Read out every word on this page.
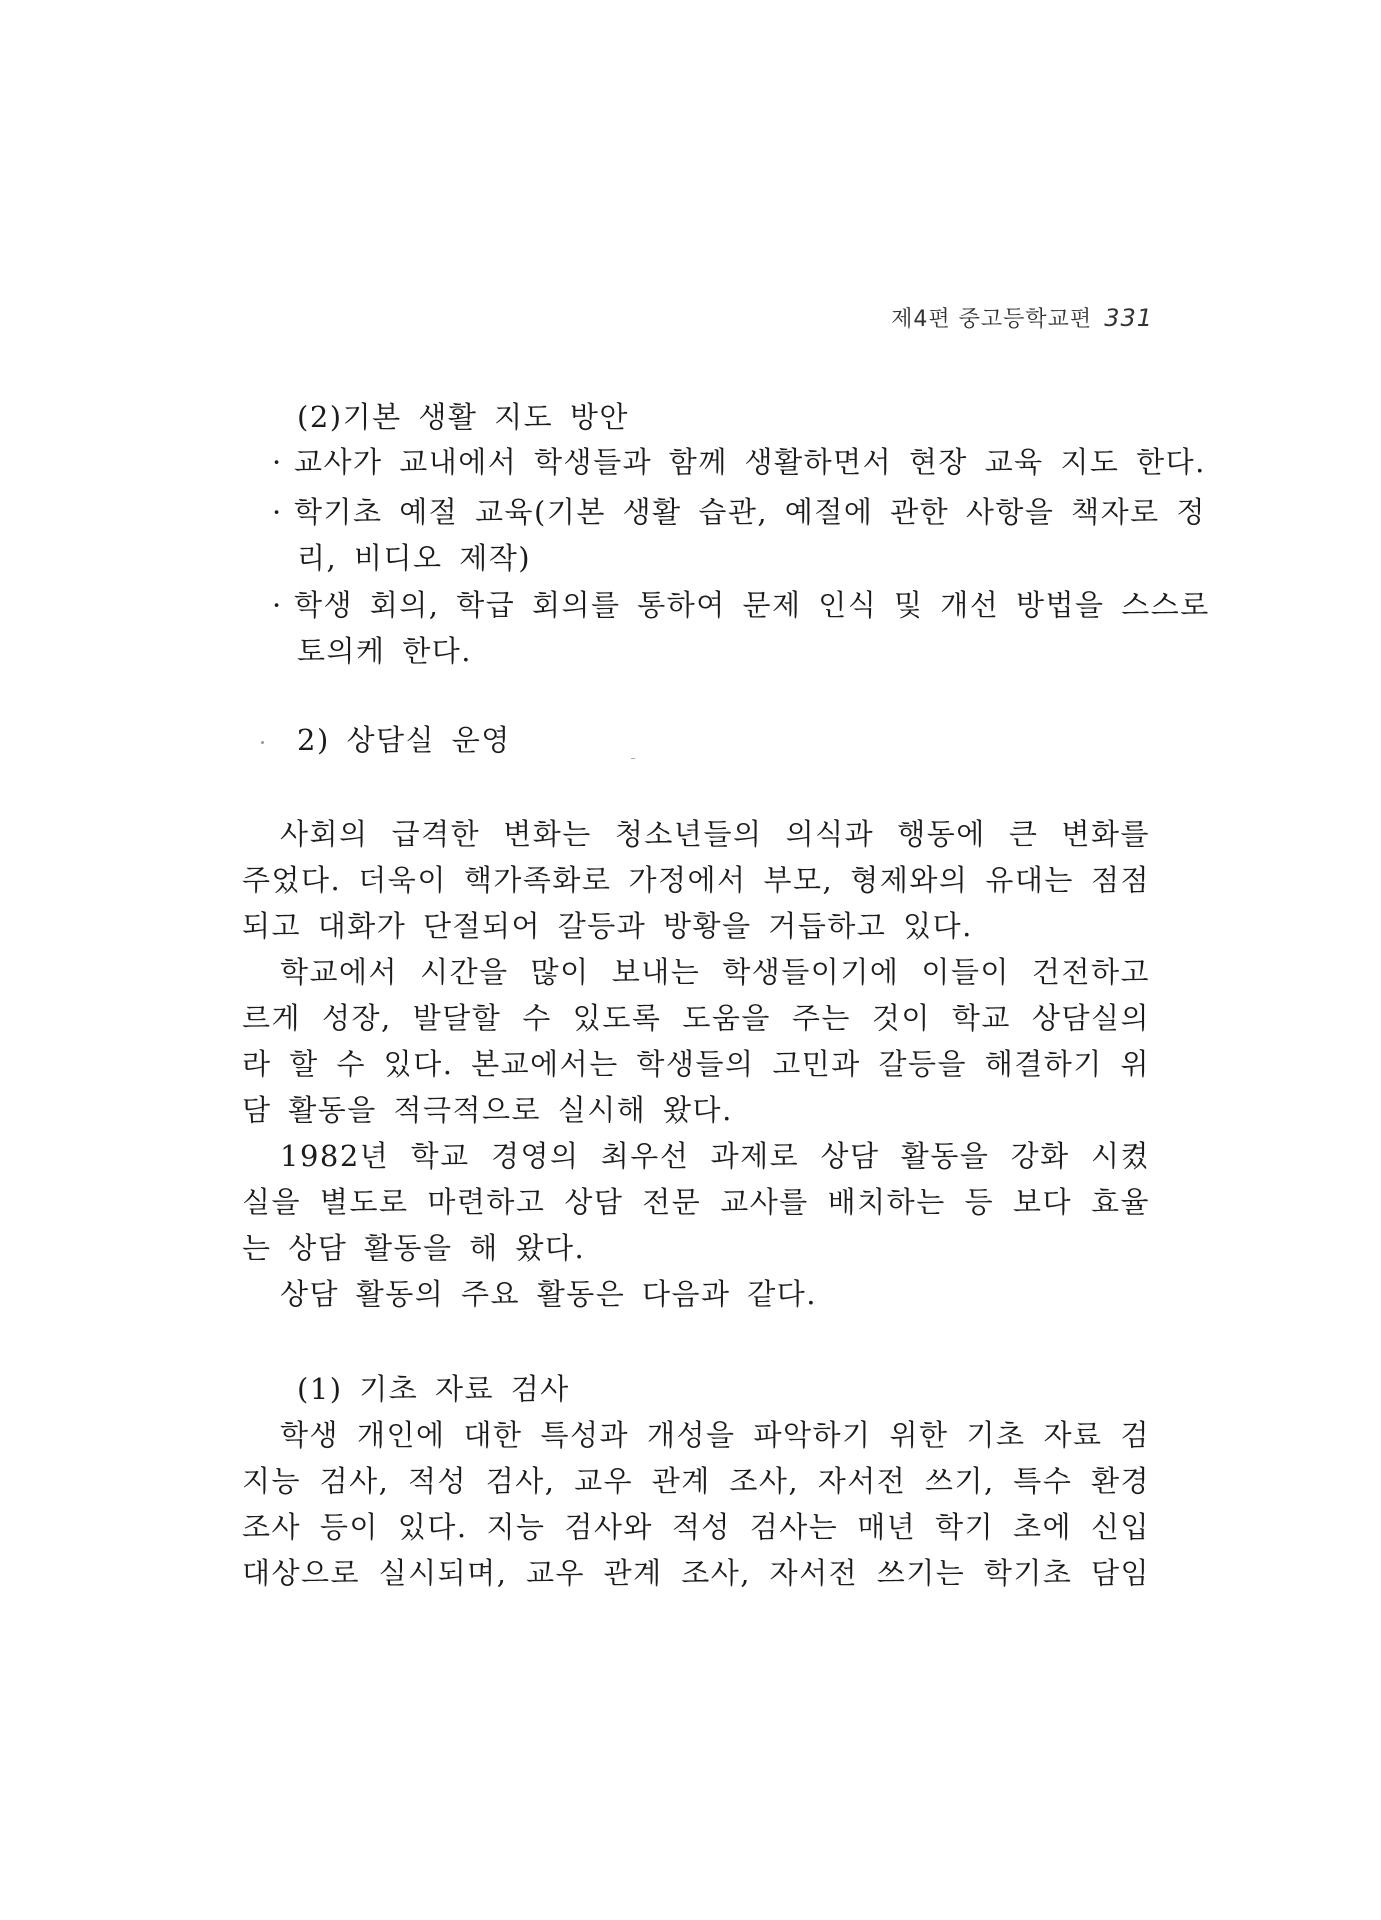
제4편 중고등학교편 331
(2)기본 생활 지도 방안
· 교사가 교내에서 학생들과 함께 생활하면서 현장 교육 지도 한다.
· 학기초 예절 교육(기본 생활 습관, 예절에 관한 사항을 책자로 정
리, 비디오 제작)
· 학생 회의, 학급 회의를 통하여 문제 인식 및 개선 방법을 스스로
토의케 한다.
2) 상담실 운영
사회의 급격한 변화는 청소년들의 의식과 행동에 큰 변화를
주었다. 더욱이 핵가족화로 가정에서 부모, 형제와의 유대는 점점
되고 대화가 단절되어 갈등과 방황을 거듭하고 있다.
학교에서 시간을 많이 보내는 학생들이기에 이들이 건전하고
르게 성장, 발달할 수 있도록 도움을 주는 것이 학교 상담실의
라 할 수 있다. 본교에서는 학생들의 고민과 갈등을 해결하기 위
담 활동을 적극적으로 실시해 왔다.
1982년 학교 경영의 최우선 과제로 상담 활동을 강화 시켰
실을 별도로 마련하고 상담 전문 교사를 배치하는 등 보다 효율
는 상담 활동을 해 왔다.
상담 활동의 주요 활동은 다음과 같다.
(1) 기초 자료 검사
학생 개인에 대한 특성과 개성을 파악하기 위한 기초 자료 검
지능 검사, 적성 검사, 교우 관계 조사, 자서전 쓰기, 특수 환경
조사 등이 있다. 지능 검사와 적성 검사는 매년 학기 초에 신입
대상으로 실시되며, 교우 관계 조사, 자서전 쓰기는 학기초 담임
